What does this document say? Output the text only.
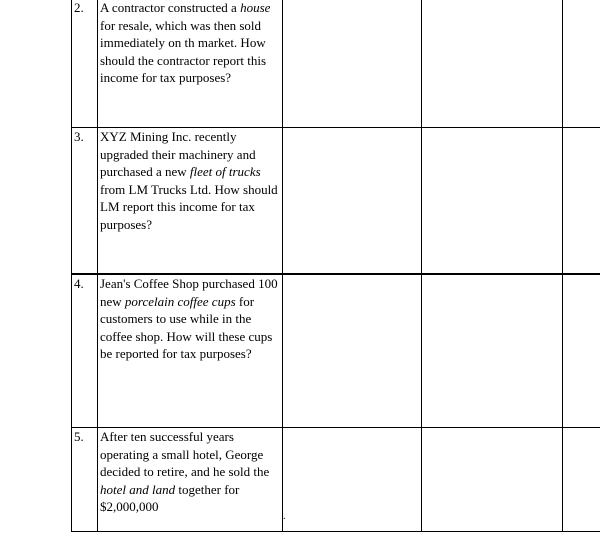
2.	A contractor constructed a house for resale, which was then sold immediately on th market. How should the contractor report this income for tax purposes?			
3.	XYZ Mining Inc. recently upgraded their machinery and purchased a new fleet of trucks from LM Trucks Ltd. How should LM report this income for tax purposes?			
4.	Jean's Coffee Shop purchased 100 new porcelain coffee cups for customers to use while in the coffee shop. How will these cups be reported for tax purposes?			
5.	After ten successful years operating a small hotel, George decided to retire, and he sold the hotel and land together for $2,000,000			
.
